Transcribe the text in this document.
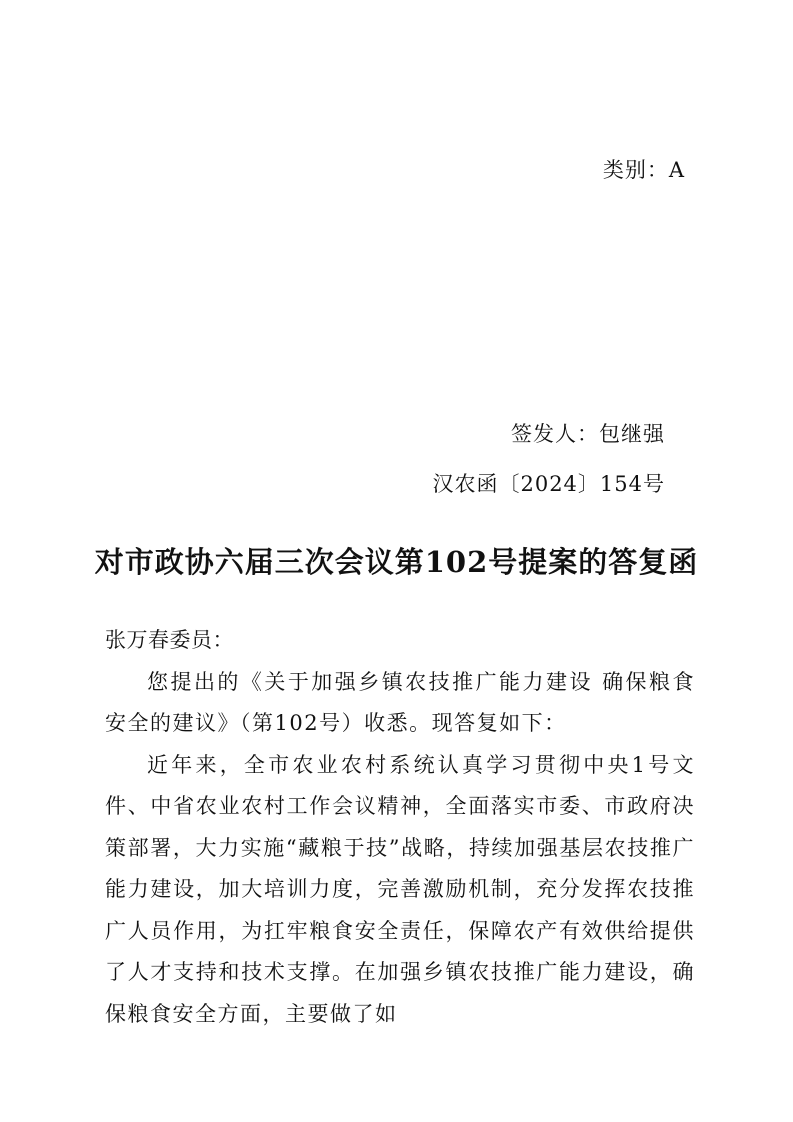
类别：A
签发人：包继强
汉农函〔2024〕154号
对市政协六届三次会议第102号提案的答复函

张万春委员：

您提出的《关于加强乡镇农技推广能力建设 确保粮食安全的建议》（第102号）收悉。现答复如下：

近年来，全市农业农村系统认真学习贯彻中央1号文件、中省农业农村工作会议精神，全面落实市委、市政府决策部署，大力实施“藏粮于技”战略，持续加强基层农技推广能力建设，加大培训力度，完善激励机制，充分发挥农技推广人员作用，为扛牢粮食安全责任，保障农产有效供给提供了人才支持和技术支撑。在加强乡镇农技推广能力建设，确保粮食安全方面，主要做了如
